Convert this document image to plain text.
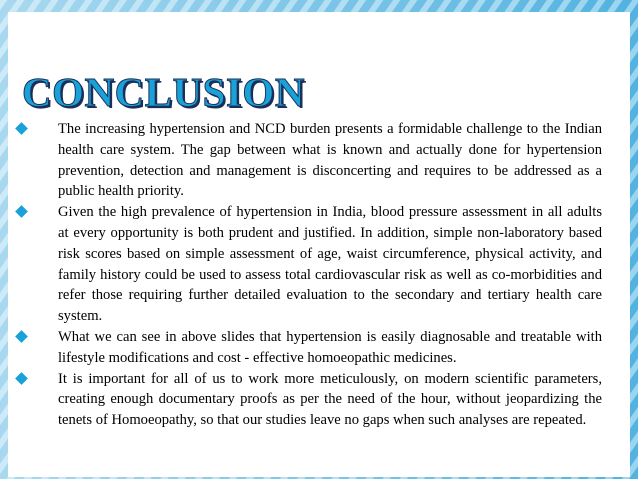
CONCLUSION
The increasing hypertension and NCD burden presents a formidable challenge to the Indian health care system. The gap between what is known and actually done for hypertension prevention, detection and management is disconcerting and requires to be addressed as a public health priority.
Given the high prevalence of hypertension in India, blood pressure assessment in all adults at every opportunity is both prudent and justified. In addition, simple non-laboratory based risk scores based on simple assessment of age, waist circumference, physical activity, and family history could be used to assess total cardiovascular risk as well as co-morbidities and refer those requiring further detailed evaluation to the secondary and tertiary health care system.
What we can see in above slides that hypertension is easily diagnosable and treatable with lifestyle modifications and cost - effective homoeopathic medicines.
It is important for all of us to work more meticulously, on modern scientific parameters, creating enough documentary proofs as per the need of the hour, without jeopardizing the tenets of Homoeopathy, so that our studies leave no gaps when such analyses are repeated.
